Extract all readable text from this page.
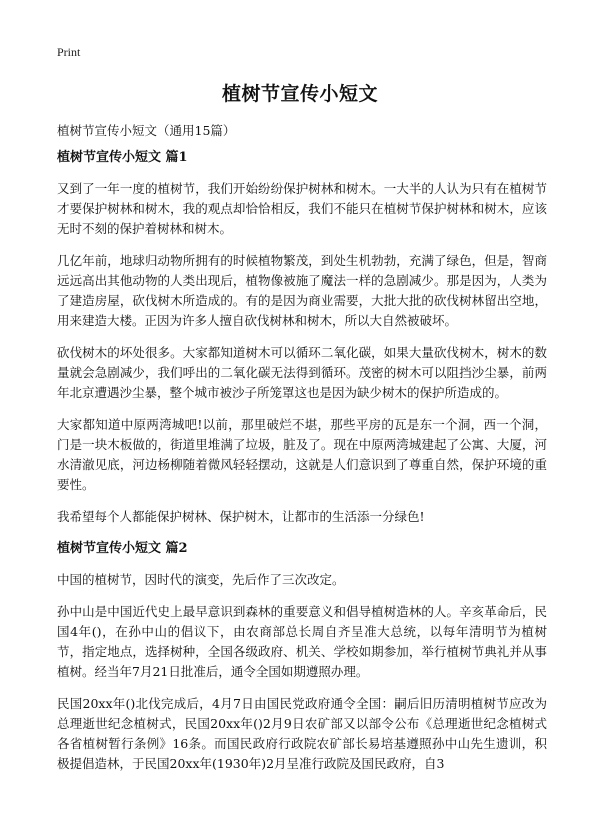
Print
植树节宣传小短文
植树节宣传小短文（通用15篇）
植树节宣传小短文 篇1

又到了一年一度的植树节，我们开始纷纷保护树林和树木。一大半的人认为只有在植树节才要保护树林和树木，我的观点却恰恰相反，我们不能只在植树节保护树林和树木，应该无时不刻的保护着树林和树木。

几亿年前，地球归动物所拥有的时候植物繁茂，到处生机勃勃，充满了绿色，但是，智商远远高出其他动物的人类出现后，植物像被施了魔法一样的急剧减少。那是因为，人类为了建造房屋，砍伐树木所造成的。有的是因为商业需要，大批大批的砍伐树林留出空地，用来建造大楼。正因为许多人擅自砍伐树林和树木，所以大自然被破坏。

砍伐树木的坏处很多。大家都知道树木可以循环二氧化碳，如果大量砍伐树木，树木的数量就会急剧减少，我们呼出的二氧化碳无法得到循环。茂密的树木可以阻挡沙尘暴，前两年北京遭遇沙尘暴，整个城市被沙子所笼罩这也是因为缺少树木的保护所造成的。

大家都知道中原两湾城吧!以前，那里破烂不堪，那些平房的瓦是东一个洞，西一个洞，门是一块木板做的，街道里堆满了垃圾，脏及了。现在中原两湾城建起了公寓、大厦，河水清澈见底，河边杨柳随着微风轻轻摆动，这就是人们意识到了尊重自然，保护环境的重要性。

我希望每个人都能保护树林、保护树木，让都市的生活添一分绿色!

植树节宣传小短文 篇2

中国的植树节，因时代的演变，先后作了三次改定。

孙中山是中国近代史上最早意识到森林的重要意义和倡导植树造林的人。辛亥革命后，民国4年()，在孙中山的倡议下，由农商部总长周自齐呈准大总统，以每年清明节为植树节，指定地点，选择树种，全国各级政府、机关、学校如期参加，举行植树节典礼并从事植树。经当年7月21日批准后，通令全国如期遵照办理。

民国20xx年()北伐完成后，4月7日由国民党政府通令全国：嗣后旧历清明植树节应改为总理逝世纪念植树式，民国20xx年()2月9日农矿部又以部令公布《总理逝世纪念植树式各省植树暂行条例》16条。而国民政府行政院农矿部长易培基遵照孙中山先生遗训，积极提倡造林，于民国20xx年(1930年)2月呈准行政院及国民政府，自3
